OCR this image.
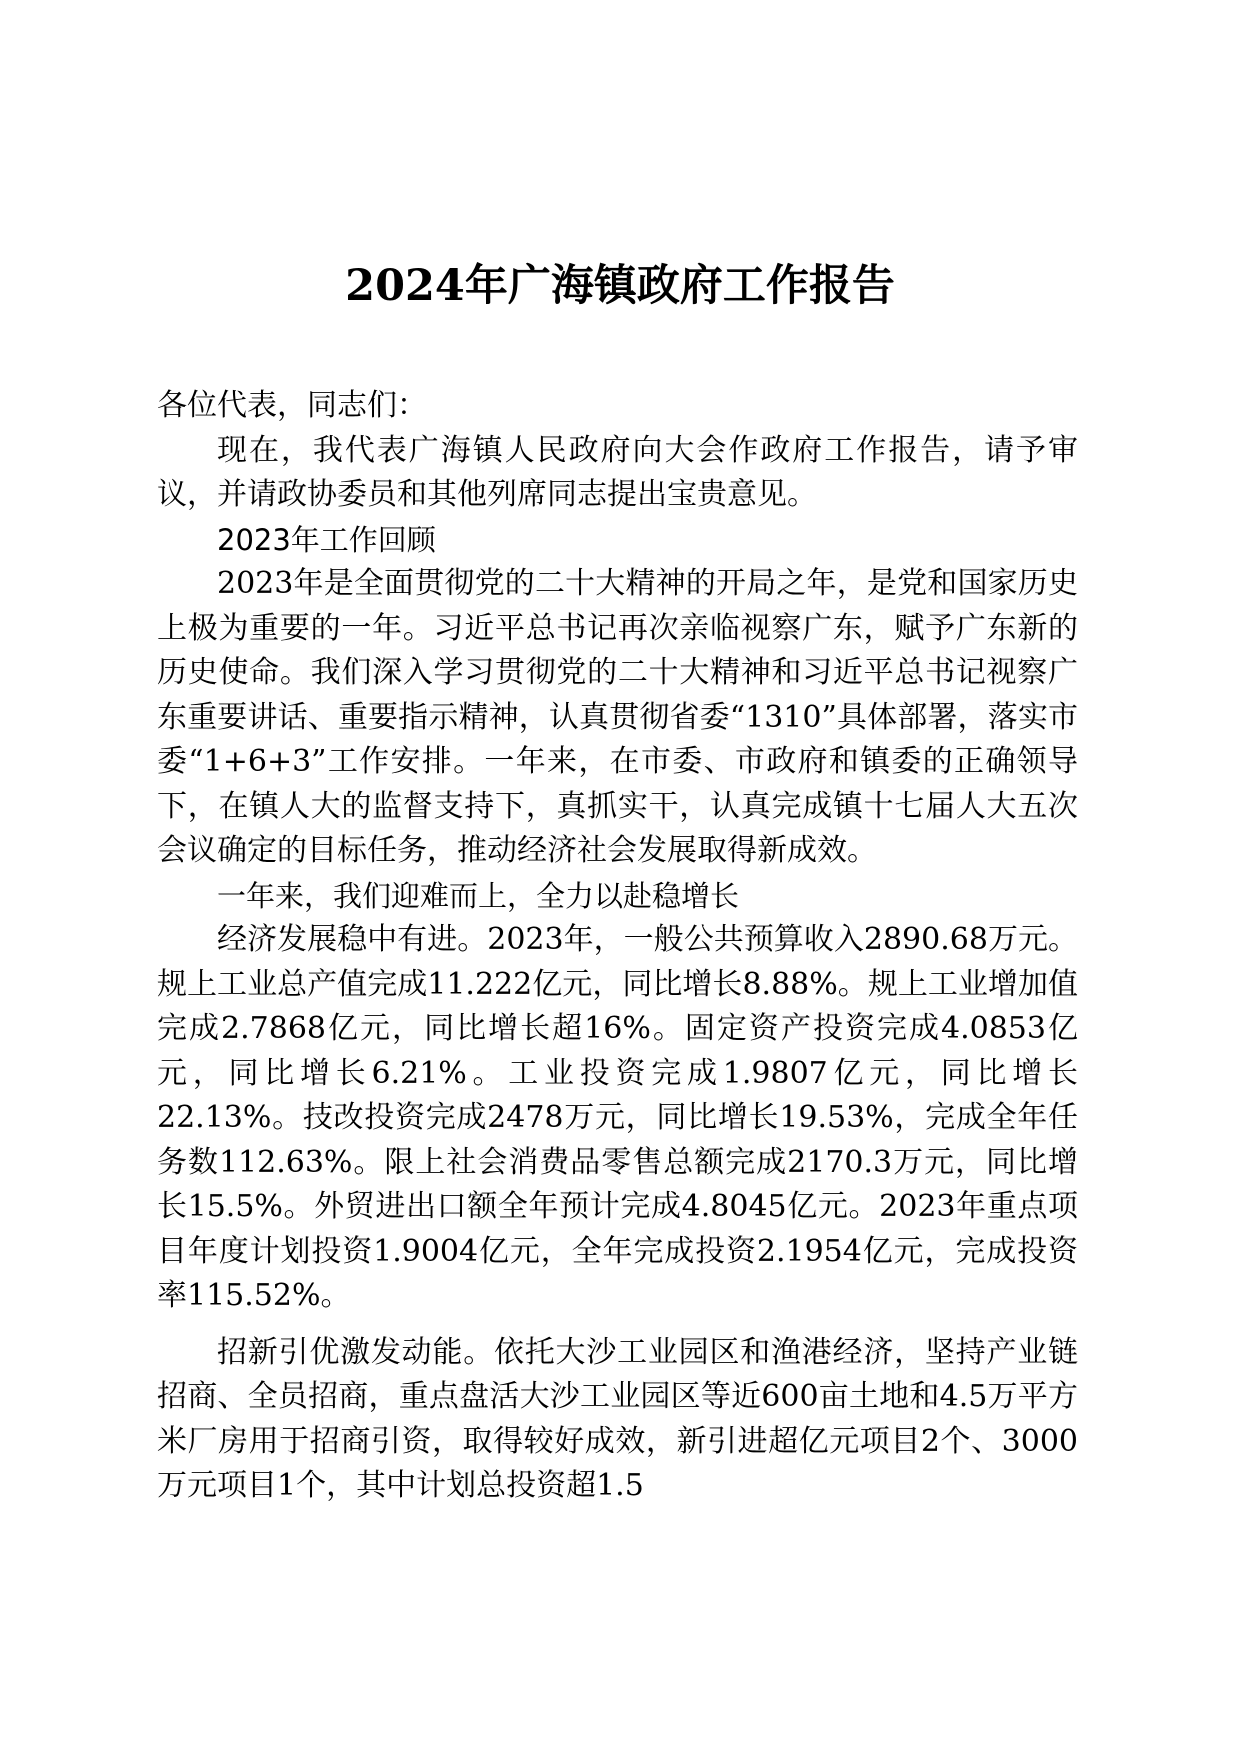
2024年广海镇政府工作报告

各位代表，同志们：

现在，我代表广海镇人民政府向大会作政府工作报告，请予审议，并请政协委员和其他列席同志提出宝贵意见。

2023年工作回顾

2023年是全面贯彻党的二十大精神的开局之年，是党和国家历史上极为重要的一年。习近平总书记再次亲临视察广东，赋予广东新的历史使命。我们深入学习贯彻党的二十大精神和习近平总书记视察广东重要讲话、重要指示精神，认真贯彻省委“1310”具体部署，落实市委“1+6+3”工作安排。一年来，在市委、市政府和镇委的正确领导下，在镇人大的监督支持下，真抓实干，认真完成镇十七届人大五次会议确定的目标任务，推动经济社会发展取得新成效。

一年来，我们迎难而上，全力以赴稳增长

经济发展稳中有进。2023年，一般公共预算收入2890.68万元。规上工业总产值完成11.222亿元，同比增长8.88%。规上工业增加值完成2.7868亿元，同比增长超16%。固定资产投资完成4.0853亿元，同比增长6.21%。工业投资完成1.9807亿元，同比增长22.13%。技改投资完成2478万元，同比增长19.53%，完成全年任务数112.63%。限上社会消费品零售总额完成2170.3万元，同比增长15.5%。外贸进出口额全年预计完成4.8045亿元。2023年重点项目年度计划投资1.9004亿元，全年完成投资2.1954亿元，完成投资率115.52%。

招新引优激发动能。依托大沙工业园区和渔港经济，坚持产业链招商、全员招商，重点盘活大沙工业园区等近600亩土地和4.5万平方米厂房用于招商引资，取得较好成效，新引进超亿元项目2个、3000万元项目1个，其中计划总投资超1.5
